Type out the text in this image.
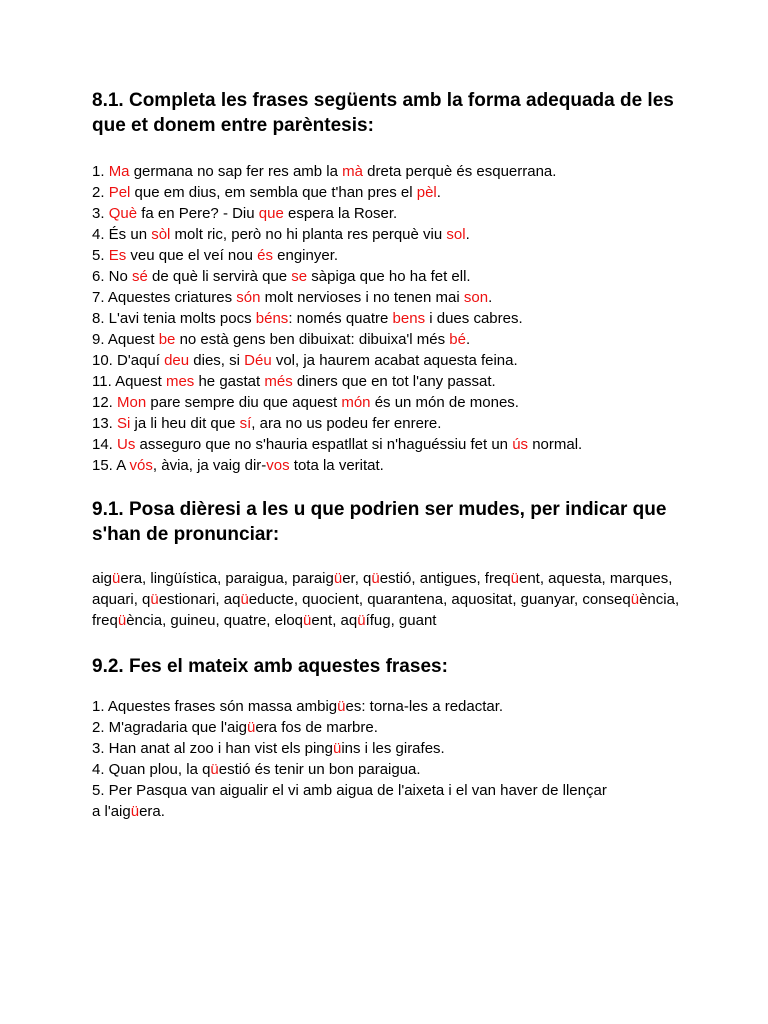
8.1. Completa les frases següents amb la forma adequada de les que et donem entre parèntesis:
1. Ma germana no sap fer res amb la mà dreta perquè és esquerrana.
2. Pel que em dius, em sembla que t'han pres el pèl.
3. Què fa en Pere? - Diu que espera la Roser.
4. És un sòl molt ric, però no hi planta res perquè viu sol.
5. Es veu que el veí nou és enginyer.
6. No sé de què li servirà que se sàpiga que ho ha fet ell.
7. Aquestes criatures són molt nervioses i no tenen mai son.
8. L'avi tenia molts pocs béns: només quatre bens i dues cabres.
9. Aquest be no està gens ben dibuixat: dibuixa'l més bé.
10. D'aquí deu dies, si Déu vol, ja haurem acabat aquesta feina.
11. Aquest mes he gastat més diners que en tot l'any passat.
12. Mon pare sempre diu que aquest món és un món de mones.
13. Si ja li heu dit que sí, ara no us podeu fer enrere.
14. Us asseguro que no s'hauria espatllat si n'haguéssiu fet un ús normal.
15. A vós, àvia, ja vaig dir-vos tota la veritat.
9.1. Posa dièresi a les u que podrien ser mudes, per indicar que s'han de pronunciar:

aigüera, lingüística, paraigua, paraigüer, qüestió, antigues, freqüent, aquesta, marques, aquari, qüestionari, aqüeducte, quocient, quarantena, aquositat, guanyar, conseqüència, freqüència, guineu, quatre, eloqüent, aqüífug, guant

9.2. Fes el mateix amb aquestes frases:
1. Aquestes frases són massa ambigües: torna-les a redactar.
2. M'agradaria que l'aigüera fos de marbre.
3. Han anat al zoo i han vist els pingüins i les girafes.
4. Quan plou, la qüestió és tenir un bon paraigua.
5. Per Pasqua van aigualir el vi amb aigua de l'aixeta i el van haver de llençar
a l'aigüera.
